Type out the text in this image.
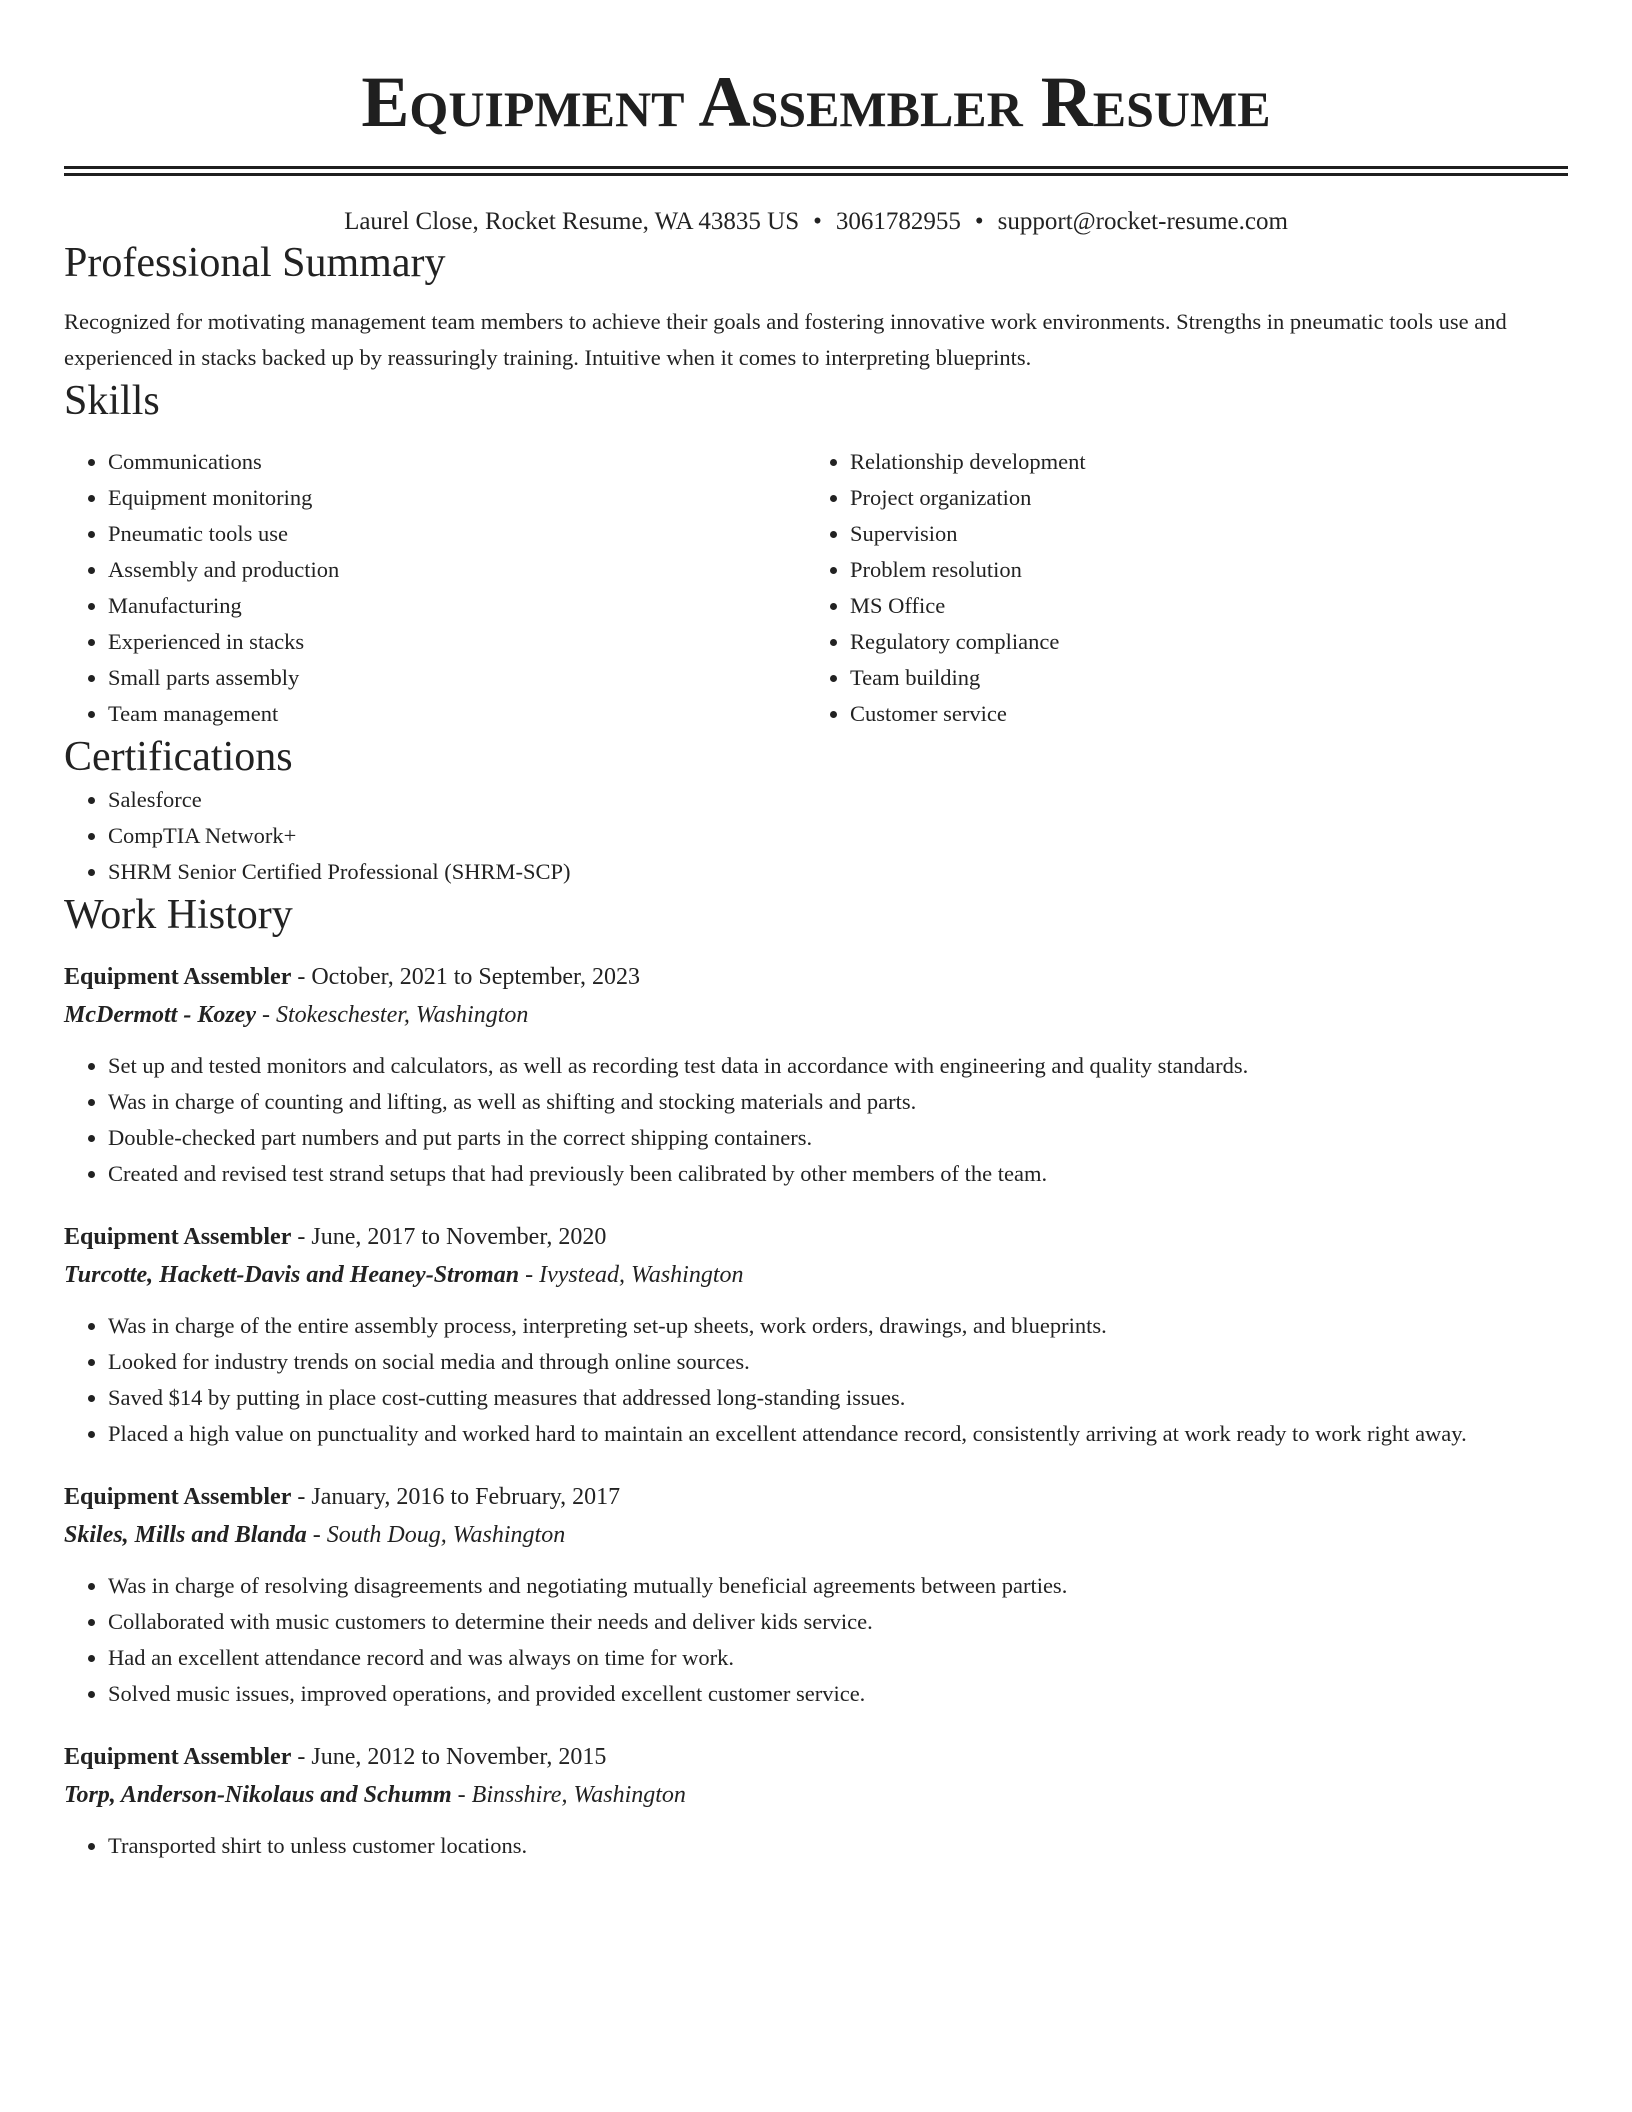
Equipment Assembler Resume
Laurel Close, Rocket Resume, WA 43835 US • 3061782955 • support@rocket-resume.com
Professional Summary

Recognized for motivating management team members to achieve their goals and fostering innovative work environments. Strengths in pneumatic tools use and experienced in stacks backed up by reassuringly training. Intuitive when it comes to interpreting blueprints.

Skills
• Communications
• Equipment monitoring
• Pneumatic tools use
• Assembly and production
• Manufacturing
• Experienced in stacks
• Small parts assembly
• Team management
• Relationship development
• Project organization
• Supervision
• Problem resolution
• MS Office
• Regulatory compliance
• Team building
• Customer service
Certifications
• Salesforce
• CompTIA Network+
• SHRM Senior Certified Professional (SHRM-SCP)
Work History
Equipment Assembler - October, 2021 to September, 2023
McDermott - Kozey - Stokeschester, Washington
• Set up and tested monitors and calculators, as well as recording test data in accordance with engineering and quality standards.
• Was in charge of counting and lifting, as well as shifting and stocking materials and parts.
• Double-checked part numbers and put parts in the correct shipping containers.
• Created and revised test strand setups that had previously been calibrated by other members of the team.
Equipment Assembler - June, 2017 to November, 2020
Turcotte, Hackett-Davis and Heaney-Stroman - Ivystead, Washington
• Was in charge of the entire assembly process, interpreting set-up sheets, work orders, drawings, and blueprints.
• Looked for industry trends on social media and through online sources.
• Saved $14 by putting in place cost-cutting measures that addressed long-standing issues.
• Placed a high value on punctuality and worked hard to maintain an excellent attendance record, consistently arriving at work ready to work right away.
Equipment Assembler - January, 2016 to February, 2017
Skiles, Mills and Blanda - South Doug, Washington
• Was in charge of resolving disagreements and negotiating mutually beneficial agreements between parties.
• Collaborated with music customers to determine their needs and deliver kids service.
• Had an excellent attendance record and was always on time for work.
• Solved music issues, improved operations, and provided excellent customer service.
Equipment Assembler - June, 2012 to November, 2015
Torp, Anderson-Nikolaus and Schumm - Binsshire, Washington
• Transported shirt to unless customer locations.
